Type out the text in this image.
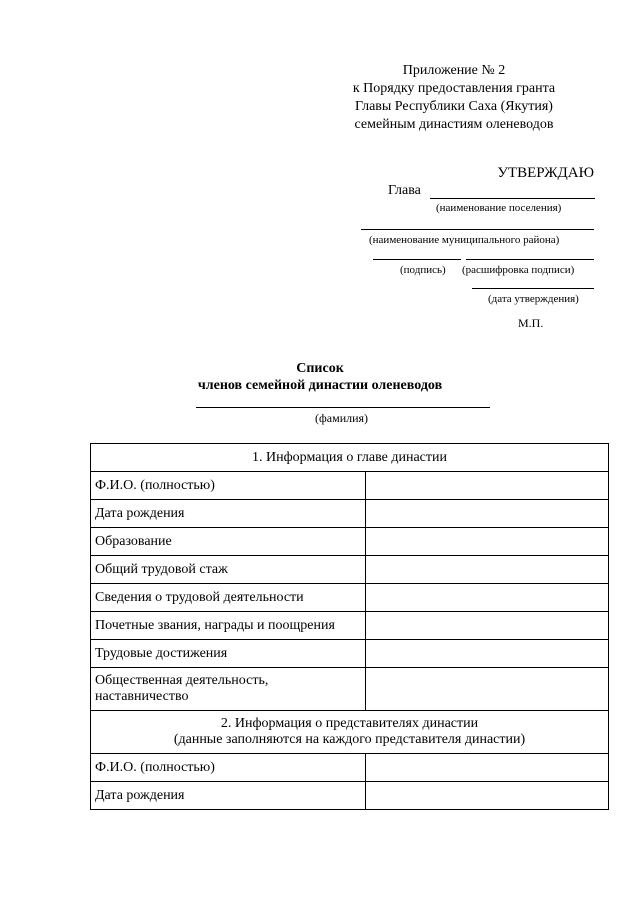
Приложение № 2
к Порядку предоставления гранта
Главы Республики Саха (Якутия)
семейным династиям оленеводов
УТВЕРЖДАЮ
Глава
(наименование поселения)
(наименование муниципального района)
(подпись) (расшифровка подписи)
(дата утверждения)
М.П.
Список
членов семейной династии оленеводов
(фамилия)
1. Информация о главе династии	
Ф.И.О. (полностью)	
Дата рождения	
Образование	
Общий трудовой стаж	
Сведения о трудовой деятельности	
Почетные звания, награды и поощрения	
Трудовые достижения	
Общественная деятельность, наставничество	

2. Информация о представителях династии
(данные заполняются на каждого представителя династии)	

Ф.И.О. (полностью)	
Дата рождения	
